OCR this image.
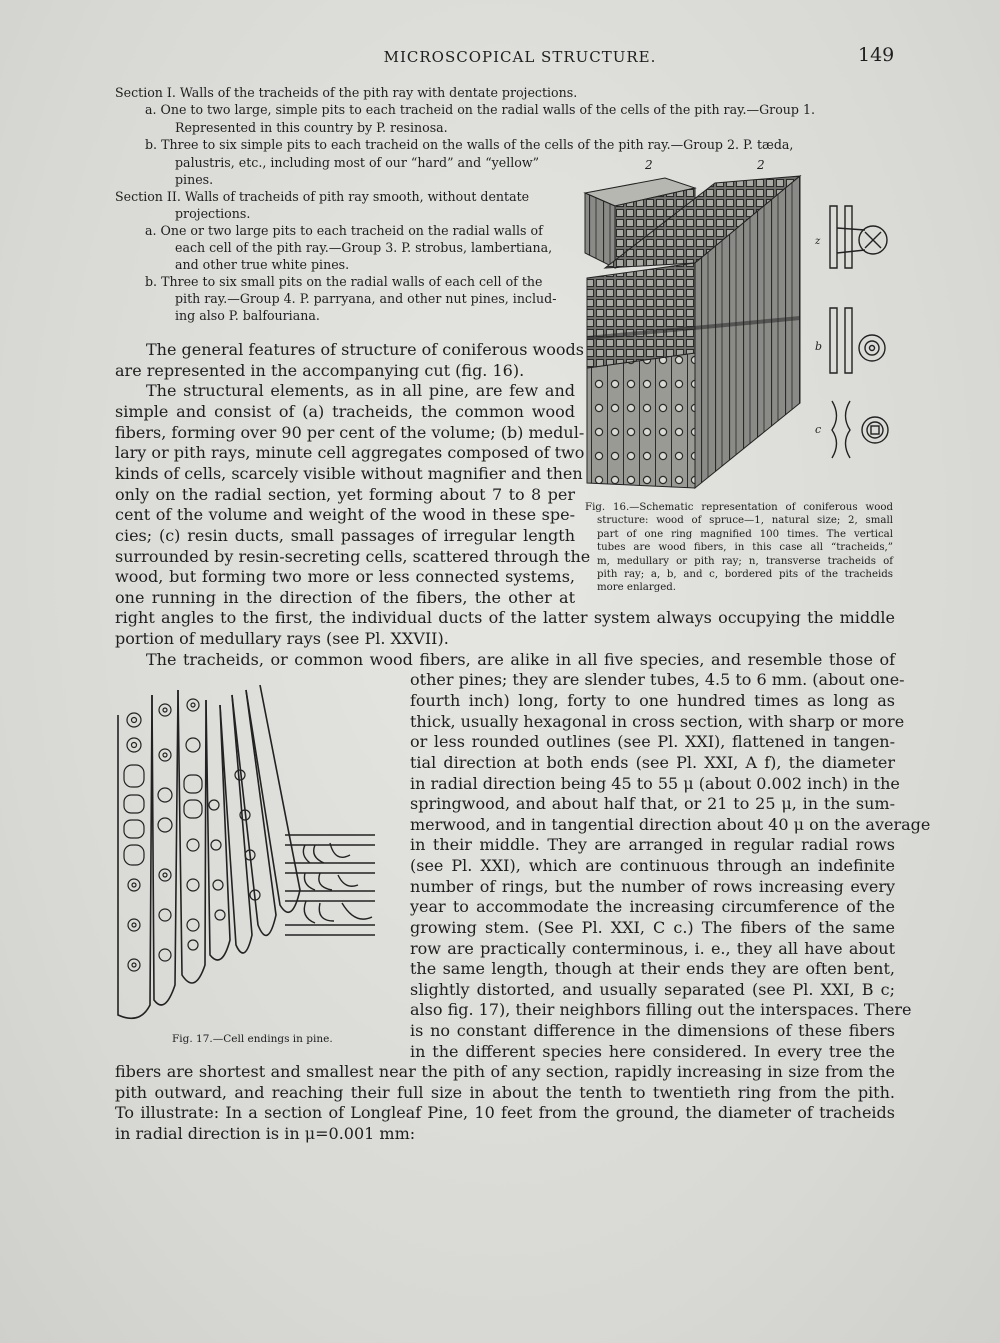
MICROSCOPICAL STRUCTURE.	149
Section I. Walls of the tracheids of the pith ray with dentate projections.
a. One to two large, simple pits to each tracheid on the radial walls of the cells of the pith ray.—Group 1.
Represented in this country by P. resinosa.
b. Three to six simple pits to each tracheid on the walls of the cells of the pith ray.—Group 2. P. tæda,
palustris, etc., including most of our “hard” and “yellow”
pines.
Section II. Walls of tracheids of pith ray smooth, without dentate
projections.
a. One or two large pits to each tracheid on the radial walls of
each cell of the pith ray.—Group 3. P. strobus, lambertiana,
and other true white pines.
b. Three to six small pits on the radial walls of each cell of the
pith ray.—Group 4. P. parryana, and other nut pines, includ-
ing also P. balfouriana.
2	2
z
b
c
Fig. 16.—Schematic representation of coniferous wood
structure: wood of spruce—1, natural size; 2, small
part of one ring magnified 100 times. The vertical
tubes are wood fibers, in this case all “tracheids,”
m, medullary or pith ray; n, transverse tracheids of
pith ray; a, b, and c, bordered pits of the tracheids
more enlarged.
The general features of structure of coniferous woods
are represented in the accompanying cut (fig. 16).
The structural elements, as in all pine, are few and
simple and consist of (a) tracheids, the common wood
fibers, forming over 90 per cent of the volume; (b) medul-
lary or pith rays, minute cell aggregates composed of two
kinds of cells, scarcely visible without magnifier and then
only on the radial section, yet forming about 7 to 8 per
cent of the volume and weight of the wood in these spe-
cies; (c) resin ducts, small passages of irregular length
surrounded by resin-secreting cells, scattered through the
wood, but forming two more or less connected systems,
one running in the direction of the fibers, the other at
right angles to the first, the individual ducts of the latter system always occupying the middle
portion of medullary rays (see Pl. XXVII).
The tracheids, or common wood fibers, are alike in all five species, and resemble those of
other pines; they are slender tubes, 4.5 to 6 mm. (about one-
fourth inch) long, forty to one hundred times as long as
thick, usually hexagonal in cross section, with sharp or more
or less rounded outlines (see Pl. XXI), flattened in tangen-
tial direction at both ends (see Pl. XXI, A f), the diameter
in radial direction being 45 to 55 μ (about 0.002 inch) in the
springwood, and about half that, or 21 to 25 μ, in the sum-
merwood, and in tangential direction about 40 μ on the average
in their middle. They are arranged in regular radial rows
(see Pl. XXI), which are continuous through an indefinite
number of rings, but the number of rows increasing every
year to accommodate the increasing circumference of the
growing stem. (See Pl. XXI, C c.) The fibers of the same
row are practically conterminous, i. e., they all have about
the same length, though at their ends they are often bent,
slightly distorted, and usually separated (see Pl. XXI, B c;
also fig. 17), their neighbors filling out the interspaces. There
is no constant difference in the dimensions of these fibers
in the different species here considered. In every tree the
fibers are shortest and smallest near the pith of any section, rapidly increasing in size from the
pith outward, and reaching their full size in about the tenth to twentieth ring from the pith.
To illustrate: In a section of Longleaf Pine, 10 feet from the ground, the diameter of tracheids
in radial direction is in μ=0.001 mm:
Fig. 17.—Cell endings in pine.
